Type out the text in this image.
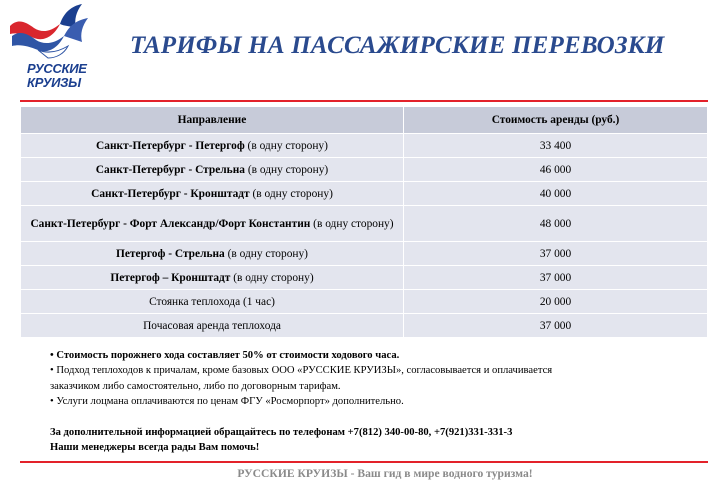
РУССКИЕ
КРУИЗЫ
ТАРИФЫ НА ПАССАЖИРСКИЕ ПЕРЕВОЗКИ
Направление	Стоимость аренды (руб.)
Санкт-Петербург - Петергоф (в одну сторону)	33 400
Санкт-Петербург - Стрельна (в одну сторону)	46 000
Санкт-Петербург - Кронштадт (в одну сторону)	40 000
Санкт-Петербург - Форт Александр/Форт Константин (в одну сторону)	48 000
Петергоф - Стрельна (в одну сторону)	37 000
Петергоф – Кронштадт (в одну сторону)	37 000
Стоянка теплохода (1 час)	20 000
Почасовая аренда теплохода	37 000
• Стоимость порожнего хода составляет 50% от стоимости ходового часа.
• Подход теплоходов к причалам, кроме базовых ООО «РУССКИЕ КРУИЗЫ», согласовывается и оплачивается
заказчиком либо самостоятельно, либо по договорным тарифам.
• Услуги лоцмана оплачиваются по ценам ФГУ «Росморпорт» дополнительно.
За дополнительной информацией обращайтесь по телефонам +7(812) 340-00-80, +7(921)331-331-3
Наши менеджеры всегда рады Вам помочь!
РУССКИЕ КРУИЗЫ - Ваш гид в мире водного туризма!
